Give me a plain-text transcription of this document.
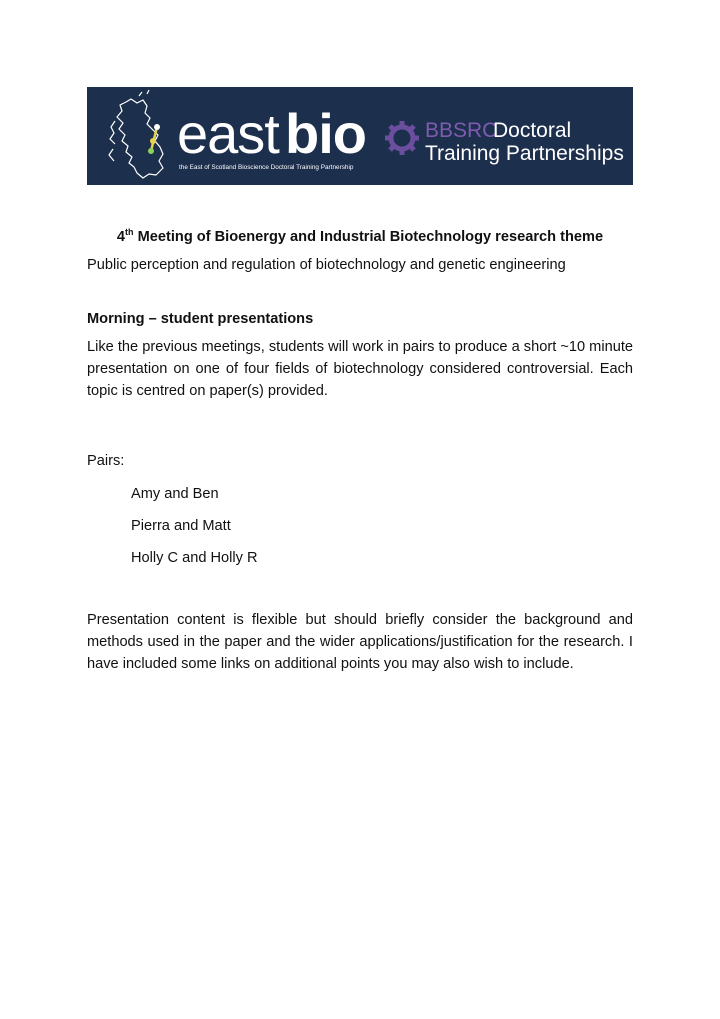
east bio
the East of Scotland Bioscience Doctoral Training Partnership
BBSRC
Doctoral
Training Partnerships

4th Meeting of Bioenergy and Industrial Biotechnology research theme

Public perception and regulation of biotechnology and genetic engineering

Morning – student presentations

Like the previous meetings, students will work in pairs to produce a short ~10 minute presentation on one of four fields of biotechnology considered controversial. Each topic is centred on paper(s) provided.

Pairs:

Amy and Ben
Pierra and Matt
Holly C and Holly R

Presentation content is flexible but should briefly consider the background and methods used in the paper and the wider applications/justification for the research. I have included some links on additional points you may also wish to include.
